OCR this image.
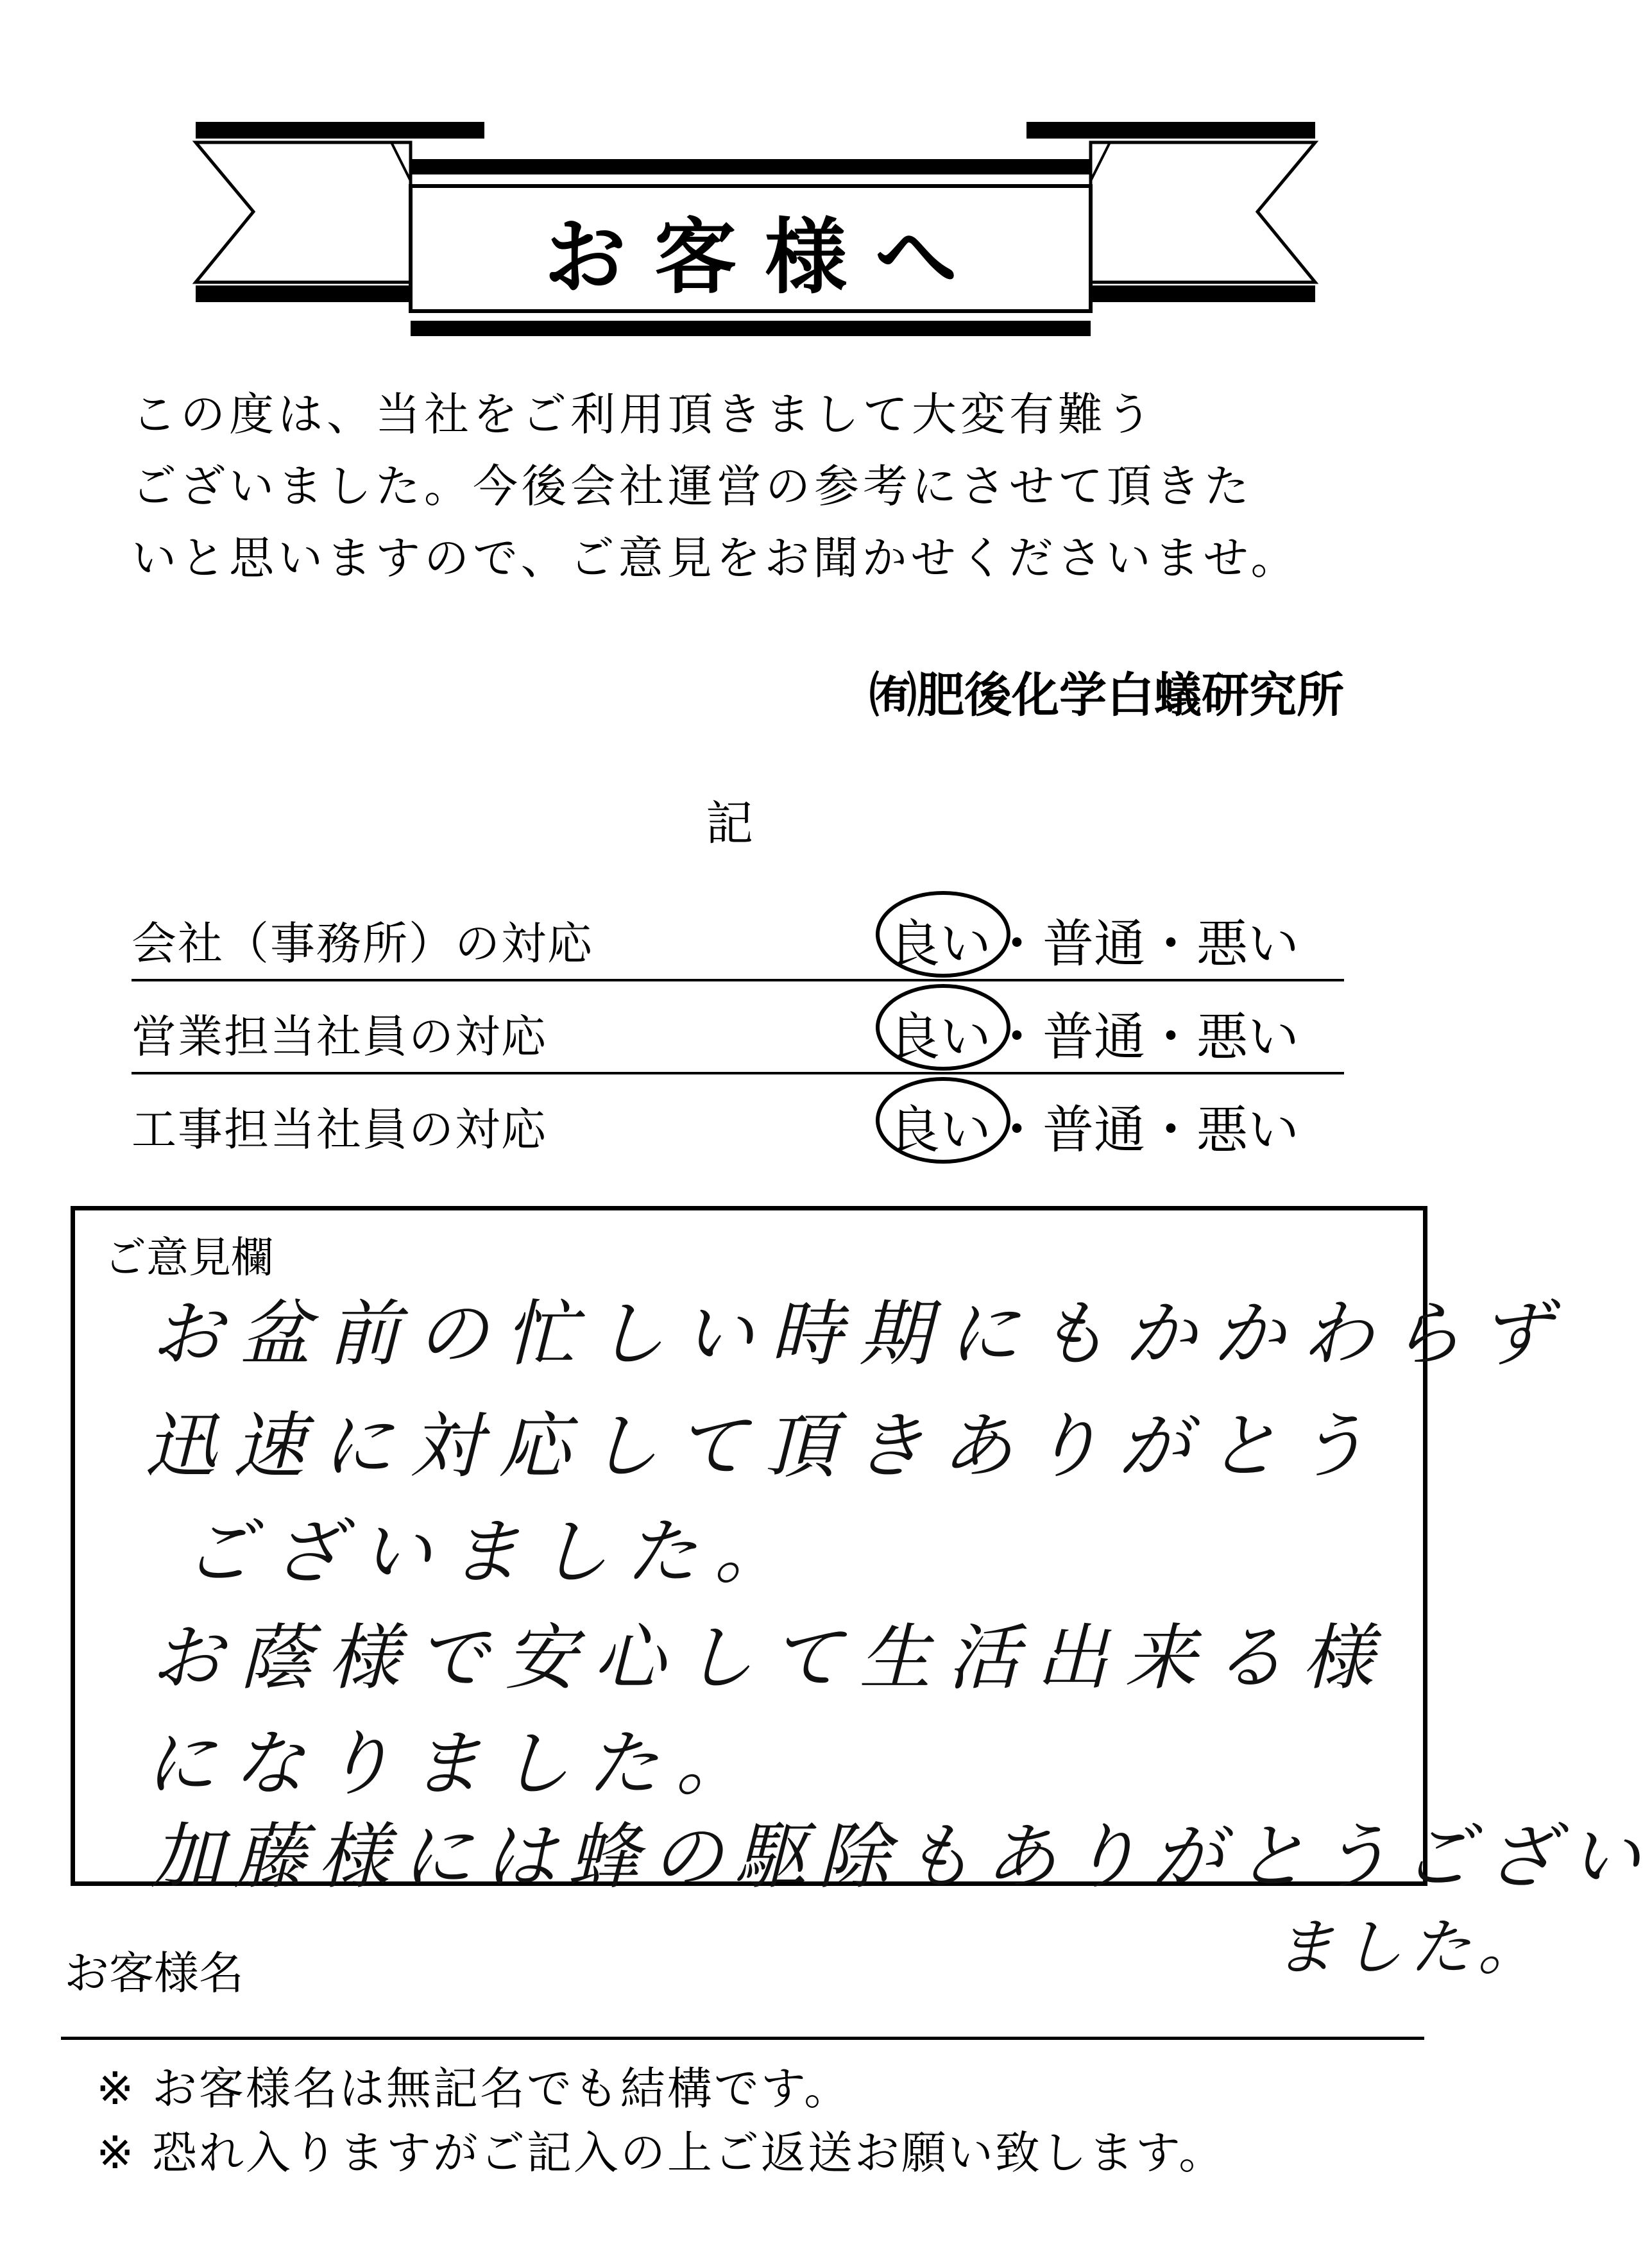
お客様へ
この度は、当社をご利用頂きまして大変有難う
ございました。今後会社運営の参考にさせて頂きた
いと思いますので、ご意見をお聞かせくださいませ。
㈲肥後化学白蟻研究所
記
会社（事務所）の対応	良い ・ 普通 ・ 悪い
営業担当社員の対応	良い ・ 普通 ・ 悪い
工事担当社員の対応	良い ・ 普通 ・ 悪い
ご意見欄
お盆前の忙しい時期にもかかわらず
迅速に対応して頂きありがとう
ございました。
お蔭様で安心して生活出来る様
になりました。
加藤様には蜂の駆除もありがとうござい
ました。
お客様名
※ お客様名は無記名でも結構です。
※ 恐れ入りますがご記入の上ご返送お願い致します。
